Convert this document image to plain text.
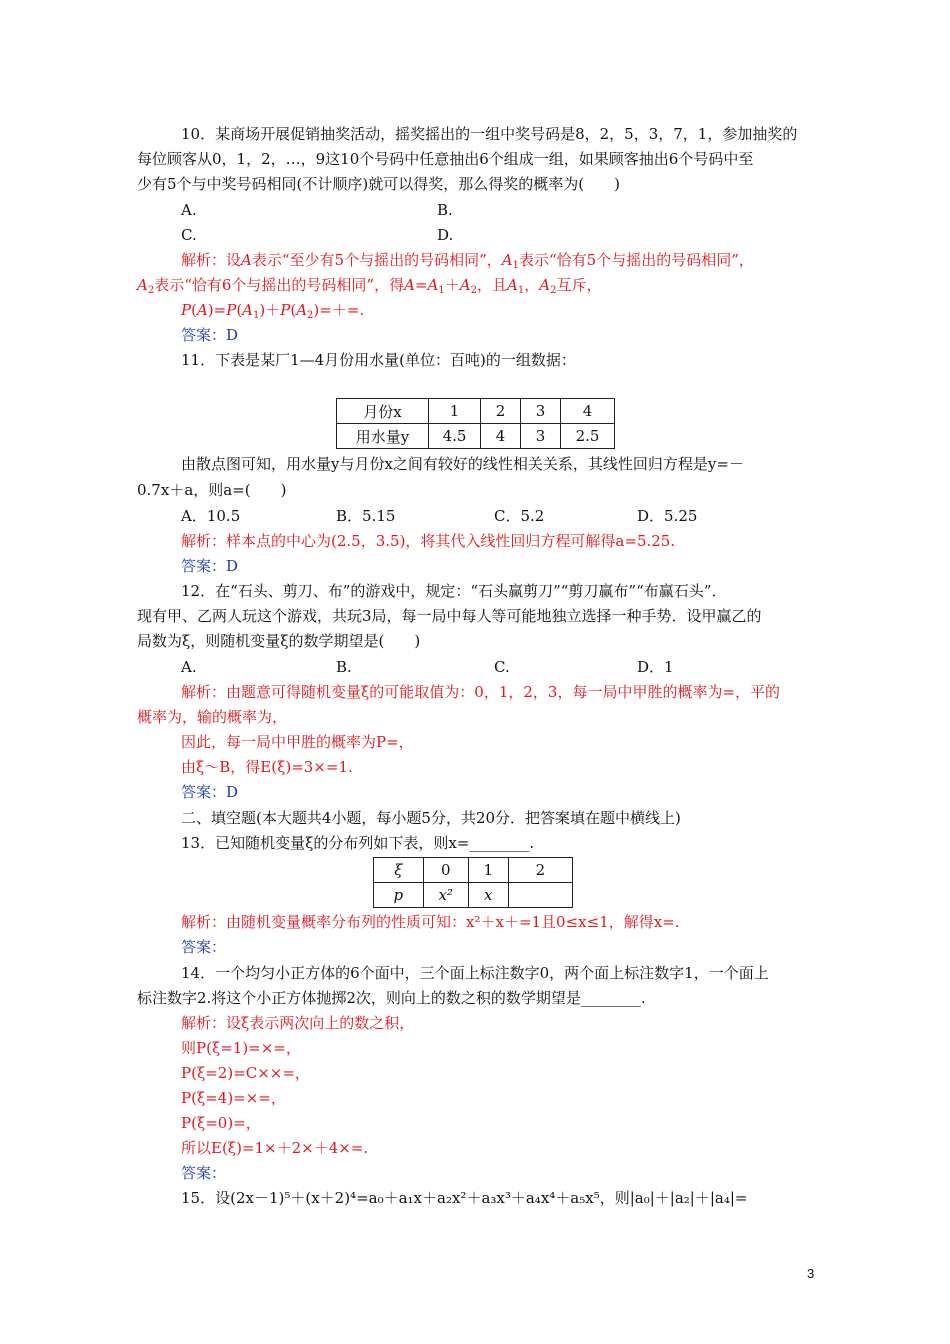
10．某商场开展促销抽奖活动，摇奖摇出的一组中奖号码是8，2，5，3，7，1，参加抽奖的
每位顾客从0，1，2，…，9这10个号码中任意抽出6个组成一组，如果顾客抽出6个号码中至
少有5个与中奖号码相同(不计顺序)就可以得奖，那么得奖的概率为(　　)
A.	B.
C.	D.
解析：设A表示“至少有5个与摇出的号码相同”，$A_1$表示“恰有5个与摇出的号码相同”，
$A_2$表示“恰有6个与摇出的号码相同”，得$A=A_1+A_2$，且$A_1$，$A_2$互斥，
$P(A)=P(A_1)+P(A_2)=+=$.
答案：D
11．下表是某厂1—4月份用水量(单位：百吨)的一组数据：
月份x	1	2	3	4
用水量y	4.5	4	3	2.5
由散点图可知，用水量y与月份x之间有较好的线性相关关系，其线性回归方程是y=－
0.7x＋a，则a=(　　)
A．10.5	B．5.15	C．5.2	D．5.25
解析：样本点的中心为(2.5，3.5)，将其代入线性回归方程可解得a=5.25.
答案：D
12．在“石头、剪刀、布”的游戏中，规定：“石头赢剪刀”“剪刀赢布”“布赢石头”．
现有甲、乙两人玩这个游戏，共玩3局，每一局中每人等可能地独立选择一种手势．设甲赢乙的
局数为ξ，则随机变量ξ的数学期望是(　　)
A.	B.	C.	D．1
解析：由题意可得随机变量ξ的可能取值为：0，1，2，3，每一局中甲胜的概率为=，平的
概率为，输的概率为，
因此，每一局中甲胜的概率为P=，
由ξ～B，得E(ξ)=3×=1.
答案：D
二、填空题(本大题共4小题，每小题5分，共20分．把答案填在题中横线上)
13．已知随机变量ξ的分布列如下表，则x=________.
ξ	0	1	2
p	x²	x	
解析：由随机变量概率分布列的性质可知：x²＋x＋=1且0≤x≤1，解得x=.
答案：
14．一个均匀小正方体的6个面中，三个面上标注数字0，两个面上标注数字1，一个面上
标注数字2.将这个小正方体抛掷2次，则向上的数之积的数学期望是________.
解析：设ξ表示两次向上的数之积，
则P(ξ=1)=×=，
P(ξ=2)=C××=，
P(ξ=4)=×=，
P(ξ=0)=，
所以E(ξ)=1×＋2×＋4×=.
答案：
15．设(2x－1)⁵＋(x＋2)⁴=a₀＋a₁x＋a₂x²＋a₃x³＋a₄x⁴＋a₅x⁵，则|a₀|＋|a₂|＋|a₄|=
3
